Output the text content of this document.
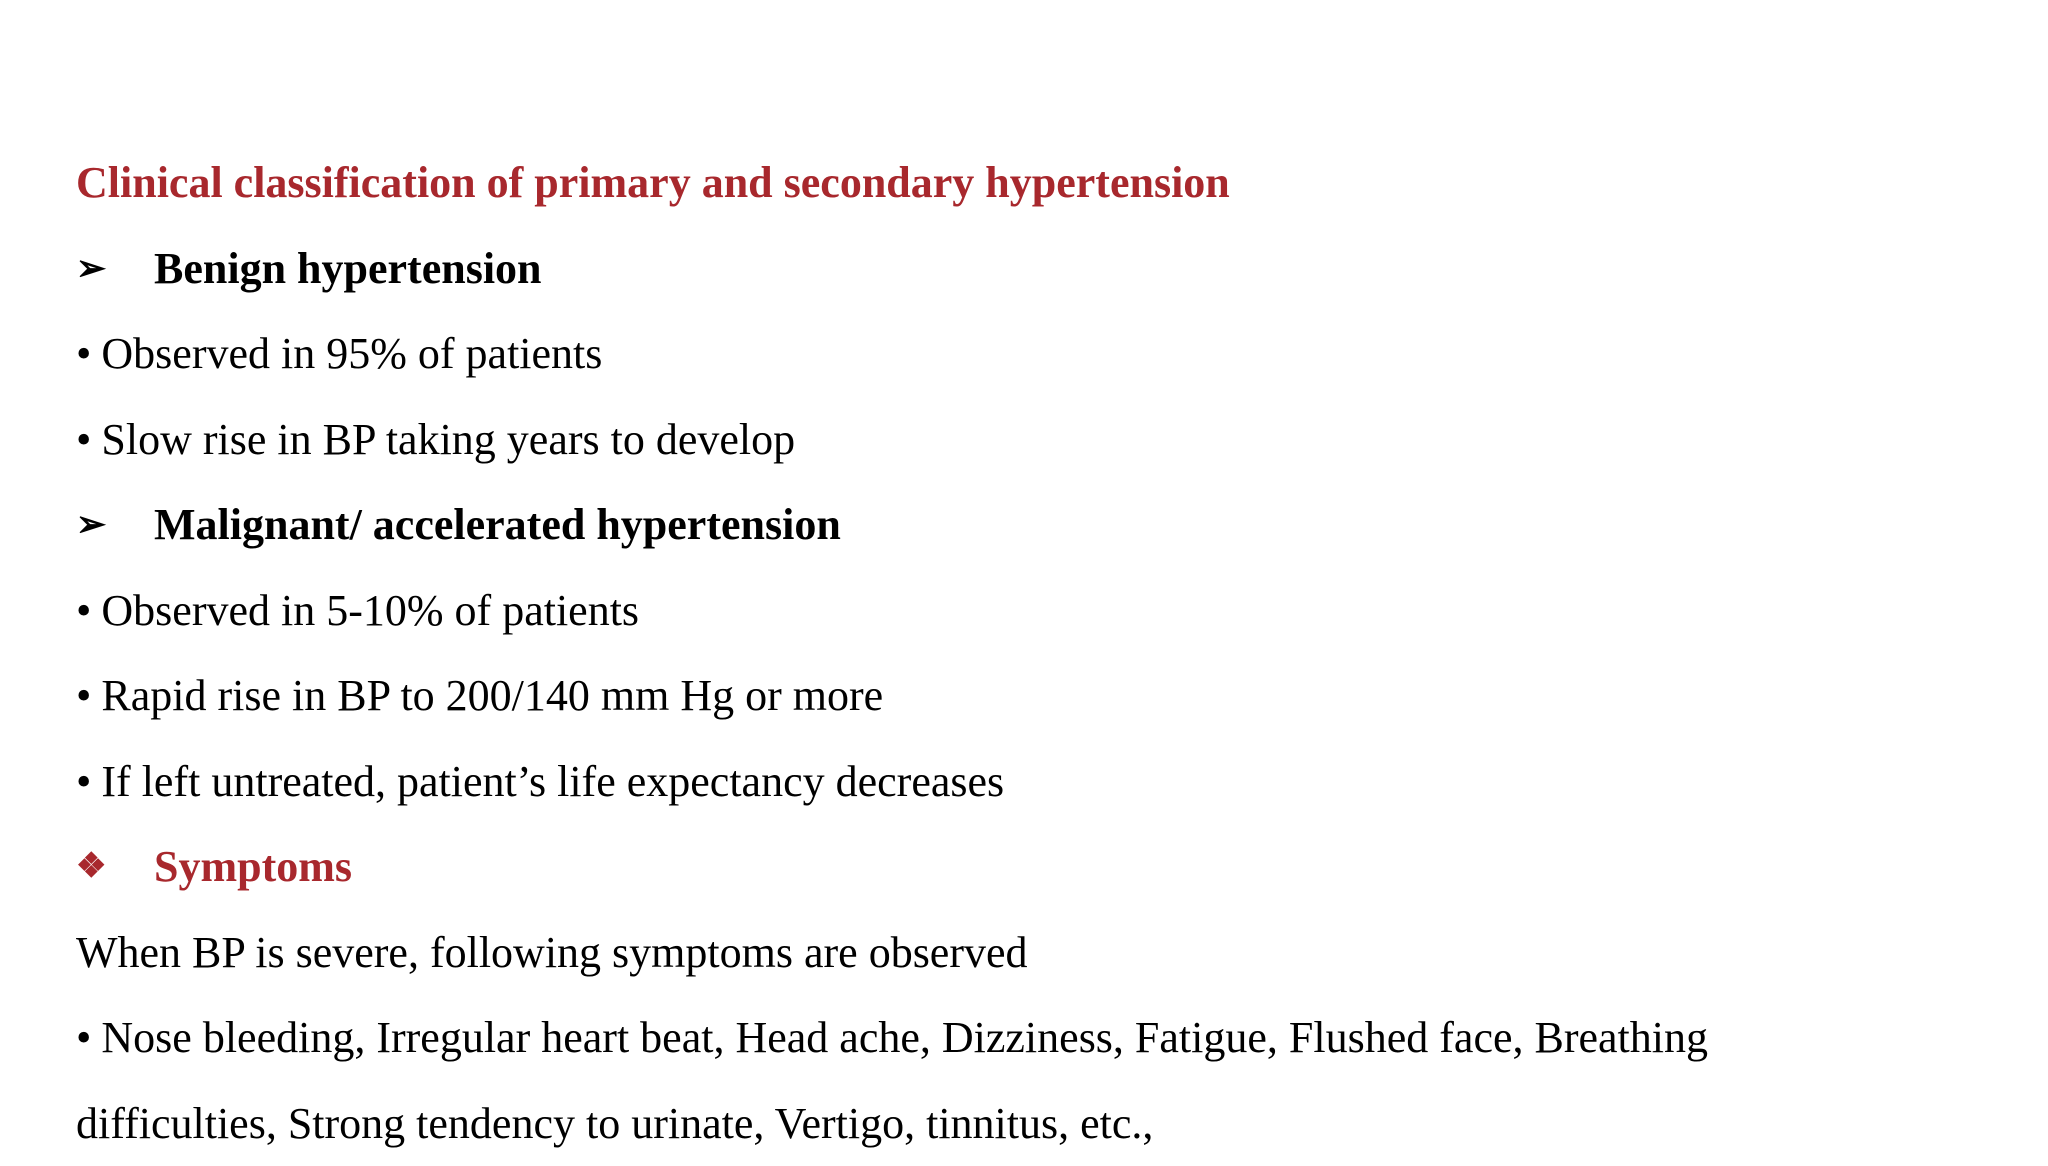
Clinical classification of primary and secondary hypertension
➢ Benign hypertension
• Observed in 95% of patients
• Slow rise in BP taking years to develop
➢ Malignant/ accelerated hypertension
• Observed in 5-10% of patients
• Rapid rise in BP to 200/140 mm Hg or more
• If left untreated, patient’s life expectancy decreases
❖ Symptoms
When BP is severe, following symptoms are observed
• Nose bleeding, Irregular heart beat, Head ache, Dizziness, Fatigue, Flushed face, Breathing
difficulties, Strong tendency to urinate, Vertigo, tinnitus, etc.,
